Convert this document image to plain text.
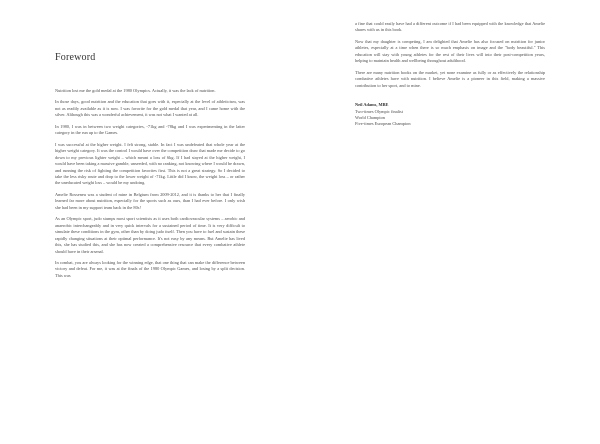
Foreword

Nutrition lost me the gold medal at the 1980 Olympics. Actually, it was the lack of nutrition.

In those days, good nutrition and the education that goes with it, especially at the level of athleticism, was not as readily available as it is now. I was favorite for the gold medal that year, and I came home with the silver. Although this was a wonderful achievement, it was not what I wanted at all.

In 1980, I was in between two weight categories, -71kg and -78kg and I was experimenting in the latter category in the run up to the Games.

I was successful at the higher weight. I felt strong, stable. In fact I was undefeated that whole year at the higher weight category. It was the control I would have over the competition draw that made me decide to go down to my previous lighter weight – which meant a loss of 6kg. If I had stayed at the higher weight, I would have been taking a massive gamble, unseeded, with no ranking, not knowing where I would be drawn, and running the risk of fighting the competition favorites first. This is not a great strategy. So I decided to take the less risky route and drop to the lower weight of -71kg. Little did I know, the weight loss – or rather the uneducated weight loss – would be my undoing.

Amelie Rosseneu was a student of mine in Belgium from 2009-2012, and it is thanks to her that I finally learned far more about nutrition, especially for the sports such as ours, than I had ever before. I only wish she had been in my support team back in the 80s!

As an Olympic sport, judo stumps most sport scientists as it uses both cardiovascular systems – aerobic and anaerobic interchangeably and in very quick intervals for a sustained period of time. It is very difficult to simulate these conditions in the gym, other than by doing judo itself. Then you have to fuel and sustain these rapidly changing situations at their optimal performance. It's not easy by any means. But Amelie has lived this, she has studied this, and she has now created a comprehensive resource that every combative athlete should have in their arsenal.

In combat, you are always looking for the winning edge, that one thing that can make the difference between victory and defeat. For me, it was at the finals of the 1980 Olympic Games, and losing by a split decision. This was

a fine that could easily have had a different outcome if I had been equipped with the knowledge that Amelie shares with us in this book.

Now that my daughter is competing, I am delighted that Amelie has also focused on nutrition for junior athletes, especially at a time when there is so much emphasis on image and the "body beautiful." This education will stay with young athletes for the rest of their lives will into their post-competition years, helping to maintain health and wellbeing throughout adulthood.

There are many nutrition books on the market, yet none examine as fully or as effectively the relationship combative athletes have with nutrition. I believe Amelie is a pioneer in this field, making a massive contribution to her sport, and to mine.

Neil Adams, MBE
Two-times Olympic finalist
World Champion
Five-times European Champion
